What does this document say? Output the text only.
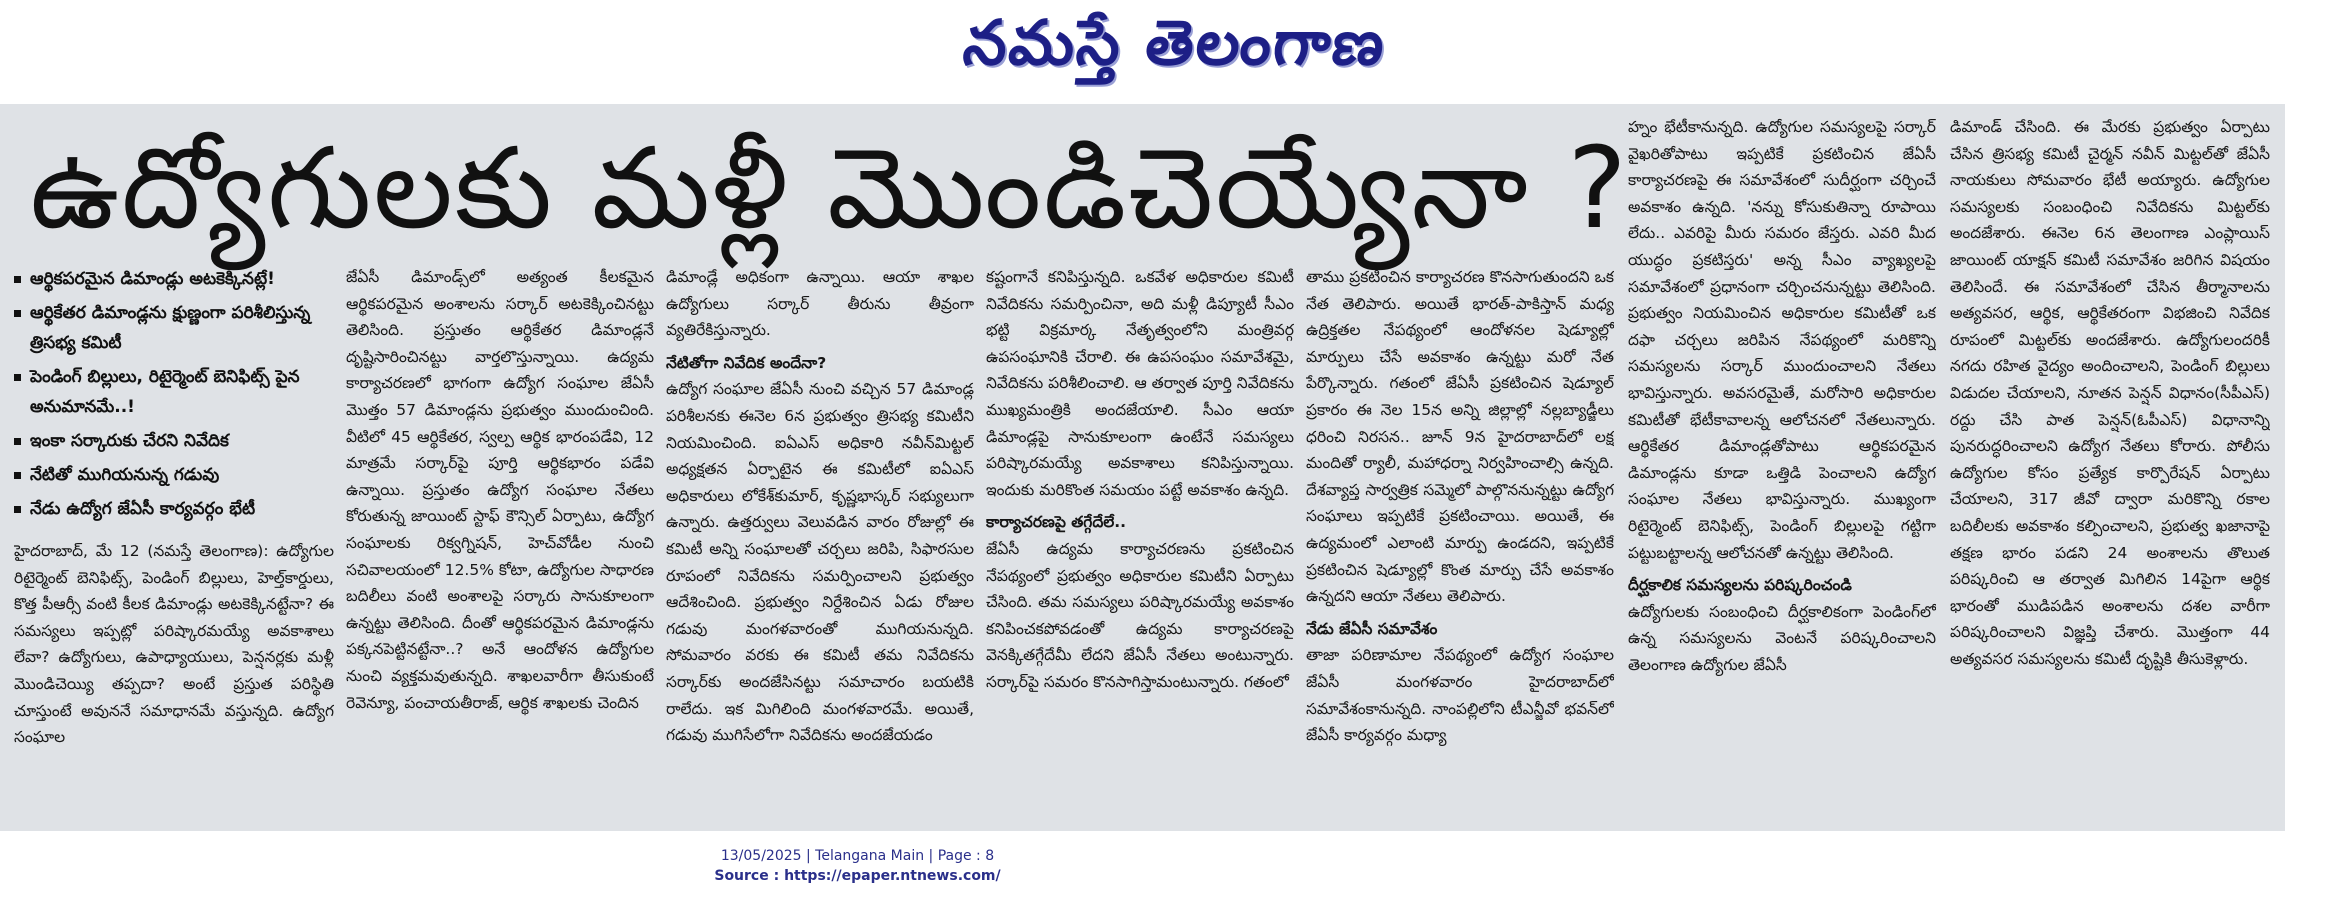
నమస్తే తెలంగాణ
ఉద్యోగులకు మళ్లీ మొండిచెయ్యేనా ?
ఆర్థికపరమైన డిమాండ్లు అటకెక్కినట్లే!
ఆర్థికేతర డిమాండ్లను క్షుణ్ణంగా పరిశీలిస్తున్న త్రిసభ్య కమిటీ
పెండింగ్ బిల్లులు, రిటైర్మెంట్ బెనిఫిట్స్ పైన అనుమానమే..!
ఇంకా సర్కారుకు చేరని నివేదిక
నేటితో ముగియనున్న గడువు
నేడు ఉద్యోగ జేఏసీ కార్యవర్గం భేటీ

హైదరాబాద్, మే 12 (నమస్తే తెలంగాణ): ఉద్యోగుల రిటైర్మెంట్ బెనిఫిట్స్, పెండింగ్ బిల్లులు, హెల్త్‌కార్డులు, కొత్త పీఆర్సీ వంటి కీలక డిమాండ్లు అటకెక్కినట్టేనా? ఈ సమస్యలు ఇప్పట్లో పరిష్కారమయ్యే అవకాశాలు లేవా? ఉద్యోగులు, ఉపాధ్యాయులు, పెన్షనర్లకు మళ్లీ మొండిచెయ్యి తప్పదా? అంటే ప్రస్తుత పరిస్థితి చూస్తుంటే అవుననే సమాధానమే వస్తున్నది. ఉద్యోగ సంఘాల

జేఏసీ డిమాండ్స్‌లో అత్యంత కీలకమైన ఆర్థికపరమైన అంశాలను సర్కార్ అటకెక్కించినట్టు తెలిసింది. ప్రస్తుతం ఆర్థికేతర డిమాండ్లనే దృష్టిసారించినట్టు వార్తలొస్తున్నాయి. ఉద్యమ కార్యాచరణలో భాగంగా ఉద్యోగ సంఘాల జేఏసీ మొత్తం 57 డిమాండ్లను ప్రభుత్వం ముందుంచింది. వీటిలో 45 ఆర్థికేతర, స్వల్ప ఆర్థిక భారంపడేవి, 12 మాత్రమే సర్కార్‌పై పూర్తి ఆర్థికభారం పడేవి ఉన్నాయి. ప్రస్తుతం ఉద్యోగ సంఘాల నేతలు కోరుతున్న జాయింట్ స్టాఫ్ కౌన్సిల్ ఏర్పాటు, ఉద్యోగ సంఘాలకు రిక్వగ్నిషన్, హెచ్‌వోడీల నుంచి సచివాలయంలో 12.5% కోటా, ఉద్యోగుల సాధారణ బదిలీలు వంటి అంశాలపై సర్కారు సానుకూలంగా ఉన్నట్టు తెలిసింది. దీంతో ఆర్థికపరమైన డిమాండ్లను పక్కనపెట్టినట్టేనా..? అనే ఆందోళన ఉద్యోగుల నుంచి వ్యక్తమవుతున్నది. శాఖలవారీగా తీసుకుంటే రెవెన్యూ, పంచాయతీరాజ్, ఆర్థిక శాఖలకు చెందిన

డిమాండ్లే అధికంగా ఉన్నాయి. ఆయా శాఖల ఉద్యోగులు సర్కార్ తీరును తీవ్రంగా వ్యతిరేకిస్తున్నారు.

నేటితోగా నివేదిక అందేనా?

ఉద్యోగ సంఘాల జేఏసీ నుంచి వచ్చిన 57 డిమాండ్ల పరిశీలనకు ఈనెల 6న ప్రభుత్వం త్రిసభ్య కమిటీని నియమించింది. ఐఏఎస్ అధికారి నవీన్‌మిట్టల్ అధ్యక్షతన ఏర్పాటైన ఈ కమిటీలో ఐఏఎస్ అధికారులు లోకేశ్‌కుమార్, కృష్ణభాస్కర్ సభ్యులుగా ఉన్నారు. ఉత్తర్వులు వెలువడిన వారం రోజుల్లో ఈ కమిటీ అన్ని సంఘాలతో చర్చలు జరిపి, సిఫారసుల రూపంలో నివేదికను సమర్పించాలని ప్రభుత్వం ఆదేశించింది. ప్రభుత్వం నిర్దేశించిన ఏడు రోజుల గడువు మంగళవారంతో ముగియనున్నది. సోమవారం వరకు ఈ కమిటీ తమ నివేదికను సర్కార్‌కు అందజేసినట్టు సమాచారం బయటికి రాలేదు. ఇక మిగిలింది మంగళవారమే. అయితే, గడువు ముగిసేలోగా నివేదికను అందజేయడం

కష్టంగానే కనిపిస్తున్నది. ఒకవేళ అధికారుల కమిటీ నివేదికను సమర్పించినా, అది మళ్లీ డిప్యూటీ సీఎం భట్టి విక్రమార్క నేతృత్వంలోని మంత్రివర్గ ఉపసంఘానికి చేరాలి. ఈ ఉపసంఘం సమావేశమై, నివేదికను పరిశీలించాలి. ఆ తర్వాత పూర్తి నివేదికను ముఖ్యమంత్రికి అందజేయాలి. సీఎం ఆయా డిమాండ్లపై సానుకూలంగా ఉంటేనే సమస్యలు పరిష్కారమయ్యే అవకాశాలు కనిపిస్తున్నాయి. ఇందుకు మరికొంత సమయం పట్టే అవకాశం ఉన్నది.

కార్యాచరణపై తగ్గేదేలే..

జేఏసీ ఉద్యమ కార్యాచరణను ప్రకటించిన నేపథ్యంలో ప్రభుత్వం అధికారుల కమిటీని ఏర్పాటు చేసింది. తమ సమస్యలు పరిష్కారమయ్యే అవకాశం కనిపించకపోవడంతో ఉద్యమ కార్యాచరణపై వెనక్కితగ్గేదేమీ లేదని జేఏసీ నేతలు అంటున్నారు. సర్కార్‌పై సమరం కొనసాగిస్తామంటున్నారు. గతంలో

తాము ప్రకటించిన కార్యాచరణ కొనసాగుతుందని ఒక నేత తెలిపారు. అయితే భారత్-పాకిస్తాన్ మధ్య ఉద్రిక్తతల నేపథ్యంలో ఆందోళనల షెడ్యూల్లో మార్పులు చేసే అవకాశం ఉన్నట్టు మరో నేత పేర్కొన్నారు. గతంలో జేఏసీ ప్రకటించిన షెడ్యూల్ ప్రకారం ఈ నెల 15న అన్ని జిల్లాల్లో నల్లబ్యాడ్జీలు ధరించి నిరసన.. జూన్ 9న హైదరాబాద్‌లో లక్ష మందితో ర్యాలీ, మహాధర్నా నిర్వహించాల్సి ఉన్నది. దేశవ్యాప్త సార్వత్రిక సమ్మెలో పాల్గొననున్నట్టు ఉద్యోగ సంఘాలు ఇప్పటికే ప్రకటించాయి. అయితే, ఈ ఉద్యమంలో ఎలాంటి మార్పు ఉండదని, ఇప్పటికే ప్రకటించిన షెడ్యూల్లో కొంత మార్పు చేసే అవకాశం ఉన్నదని ఆయా నేతలు తెలిపారు.

నేడు జేఏసీ సమావేశం

తాజా పరిణామాల నేపథ్యంలో ఉద్యోగ సంఘాల జేఏసీ మంగళవారం హైదరాబాద్‌లో సమావేశంకానున్నది. నాంపల్లిలోని టీఎన్జీవో భవన్‌లో జేఏసీ కార్యవర్గం మధ్యా

హ్నం భేటీకానున్నది. ఉద్యోగుల సమస్యలపై సర్కార్ వైఖరితోపాటు ఇప్పటికే ప్రకటించిన జేఏసీ కార్యాచరణపై ఈ సమావేశంలో సుదీర్ఘంగా చర్చించే అవకాశం ఉన్నది. 'నన్ను కోసుకుతిన్నా రూపాయి లేదు.. ఎవరిపై మీరు సమరం జేస్తరు. ఎవరి మీద యుద్ధం ప్రకటిస్తరు' అన్న సీఎం వ్యాఖ్యలపై సమావేశంలో ప్రధానంగా చర్చించనున్నట్టు తెలిసింది. ప్రభుత్వం నియమించిన అధికారుల కమిటీతో ఒక దఫా చర్చలు జరిపిన నేపథ్యంలో మరికొన్ని సమస్యలను సర్కార్ ముందుంచాలని నేతలు భావిస్తున్నారు. అవసరమైతే, మరోసారి అధికారుల కమిటీతో భేటీకావాలన్న ఆలోచనలో నేతలున్నారు. ఆర్థికేతర డిమాండ్లతోపాటు ఆర్థికపరమైన డిమాండ్లను కూడా ఒత్తిడి పెంచాలని ఉద్యోగ సంఘాల నేతలు భావిస్తున్నారు. ముఖ్యంగా రిటైర్మెంట్ బెనిఫిట్స్, పెండింగ్ బిల్లులపై గట్టిగా పట్టుబట్టాలన్న ఆలోచనతో ఉన్నట్టు తెలిసింది.

దీర్ఘకాలిక సమస్యలను పరిష్కరించండి

ఉద్యోగులకు సంబంధించి దీర్ఘకాలికంగా పెండింగ్‌లో ఉన్న సమస్యలను వెంటనే పరిష్కరించాలని తెలంగాణ ఉద్యోగుల జేఏసీ

డిమాండ్ చేసింది. ఈ మేరకు ప్రభుత్వం ఏర్పాటు చేసిన త్రిసభ్య కమిటీ చైర్మన్ నవీన్ మిట్టల్‌తో జేఏసీ నాయకులు సోమవారం భేటీ అయ్యారు. ఉద్యోగుల సమస్యలకు సంబంధించి నివేదికను మిట్టల్‌కు అందజేశారు. ఈనెల 6న తెలంగాణ ఎంప్లాయిస్ జాయింట్ యాక్షన్ కమిటీ సమావేశం జరిగిన విషయం తెలిసిందే. ఈ సమావేశంలో చేసిన తీర్మానాలను అత్యవసర, ఆర్థిక, ఆర్థికేతరంగా విభజించి నివేదిక రూపంలో మిట్టల్‌కు అందజేశారు. ఉద్యోగులందరికీ నగదు రహిత వైద్యం అందించాలని, పెండింగ్ బిల్లులు విడుదల చేయాలని, నూతన పెన్షన్ విధానం(సీపీఎస్) రద్దు చేసి పాత పెన్షన్(ఓపీఎస్) విధానాన్ని పునరుద్ధరించాలని ఉద్యోగ నేతలు కోరారు. పోలీసు ఉద్యోగుల కోసం ప్రత్యేక కార్పొరేషన్ ఏర్పాటు చేయాలని, 317 జీవో ద్వారా మరికొన్ని రకాల బదిలీలకు అవకాశం కల్పించాలని, ప్రభుత్వ ఖజానాపై తక్షణ భారం పడని 24 అంశాలను తొలుత పరిష్కరించి ఆ తర్వాత మిగిలిన 14పైగా ఆర్థిక భారంతో ముడిపడిన అంశాలను దశల వారీగా పరిష్కరించాలని విజ్ఞప్తి చేశారు. మొత్తంగా 44 అత్యవసర సమస్యలను కమిటీ దృష్టికి తీసుకెళ్లారు.

13/05/2025 | Telangana Main | Page : 8
Source : https://epaper.ntnews.com/
